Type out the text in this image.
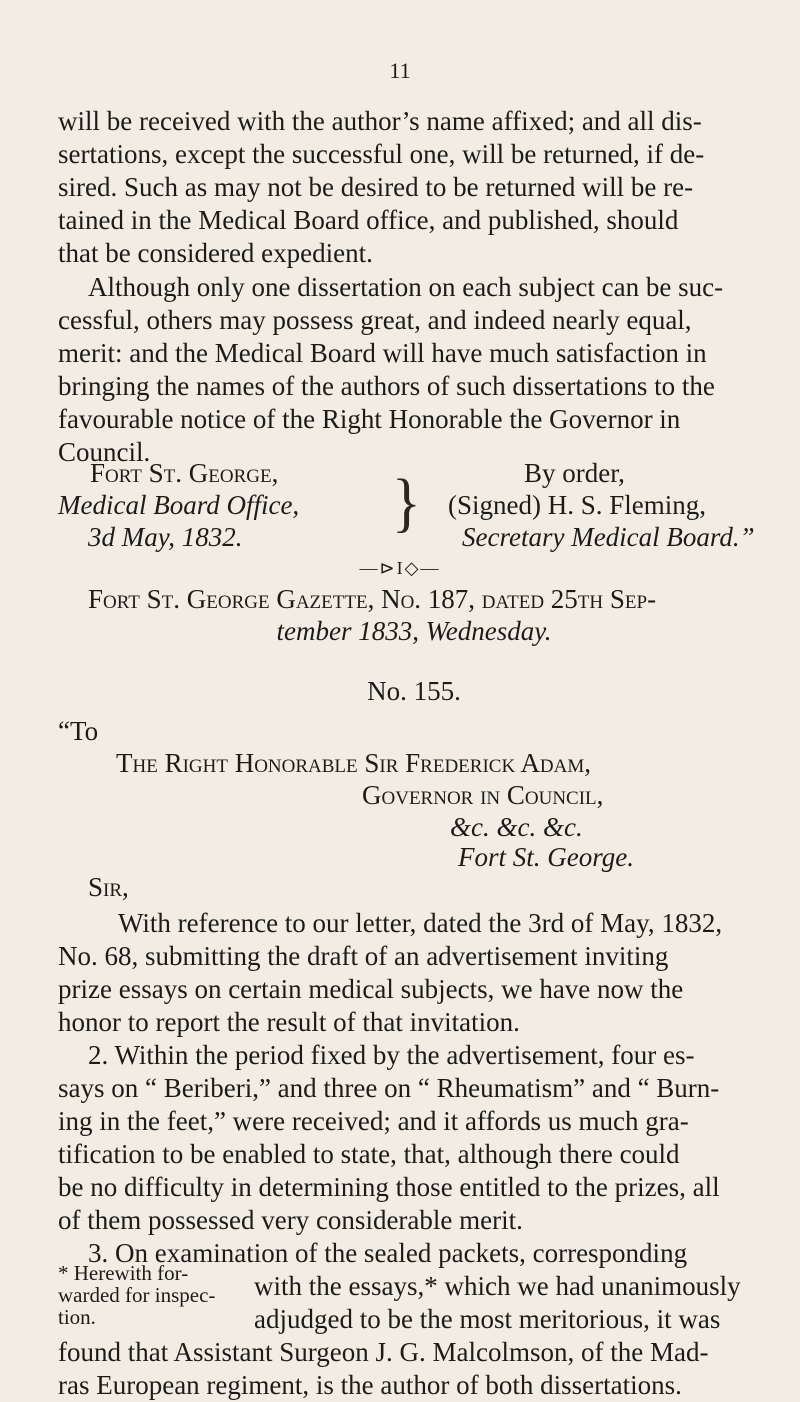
11
will be received with the author’s name affixed; and all dis-
sertations, except the successful one, will be returned, if de-
sired. Such as may not be desired to be returned will be re-
tained in the Medical Board office, and published, should
that be considered expedient.
Although only one dissertation on each subject can be suc-
cessful, others may possess great, and indeed nearly equal,
merit: and the Medical Board will have much satisfaction in
bringing the names of the authors of such dissertations to the
favourable notice of the Right Honorable the Governor in
Council.
Fort St. George,
Medical Board Office,
3d May, 1832. }	By order,
(Signed) H. S. Fleming,
Secretary Medical Board.”
—⊳I◇—
Fort St. George Gazette, No. 187, dated 25th Sep-
tember 1833, Wednesday.
No. 155.
“To
The Right Honorable Sir Frederick Adam,
Governor in Council,
&c. &c. &c.
Fort St. George.
Sir,
With reference to our letter, dated the 3rd of May, 1832,
No. 68, submitting the draft of an advertisement inviting
prize essays on certain medical subjects, we have now the
honor to report the result of that invitation.
2. Within the period fixed by the advertisement, four es-
says on “ Beriberi,” and three on “ Rheumatism” and “ Burn-
ing in the feet,” were received; and it affords us much gra-
tification to be enabled to state, that, although there could
be no difficulty in determining those entitled to the prizes, all
of them possessed very considerable merit.
3. On examination of the sealed packets, corresponding
* Herewith for- warded for inspec- tion.
with the essays,* which we had unanimously
adjudged to be the most meritorious, it was
found that Assistant Surgeon J. G. Malcolmson, of the Mad-
ras European regiment, is the author of both dissertations.
